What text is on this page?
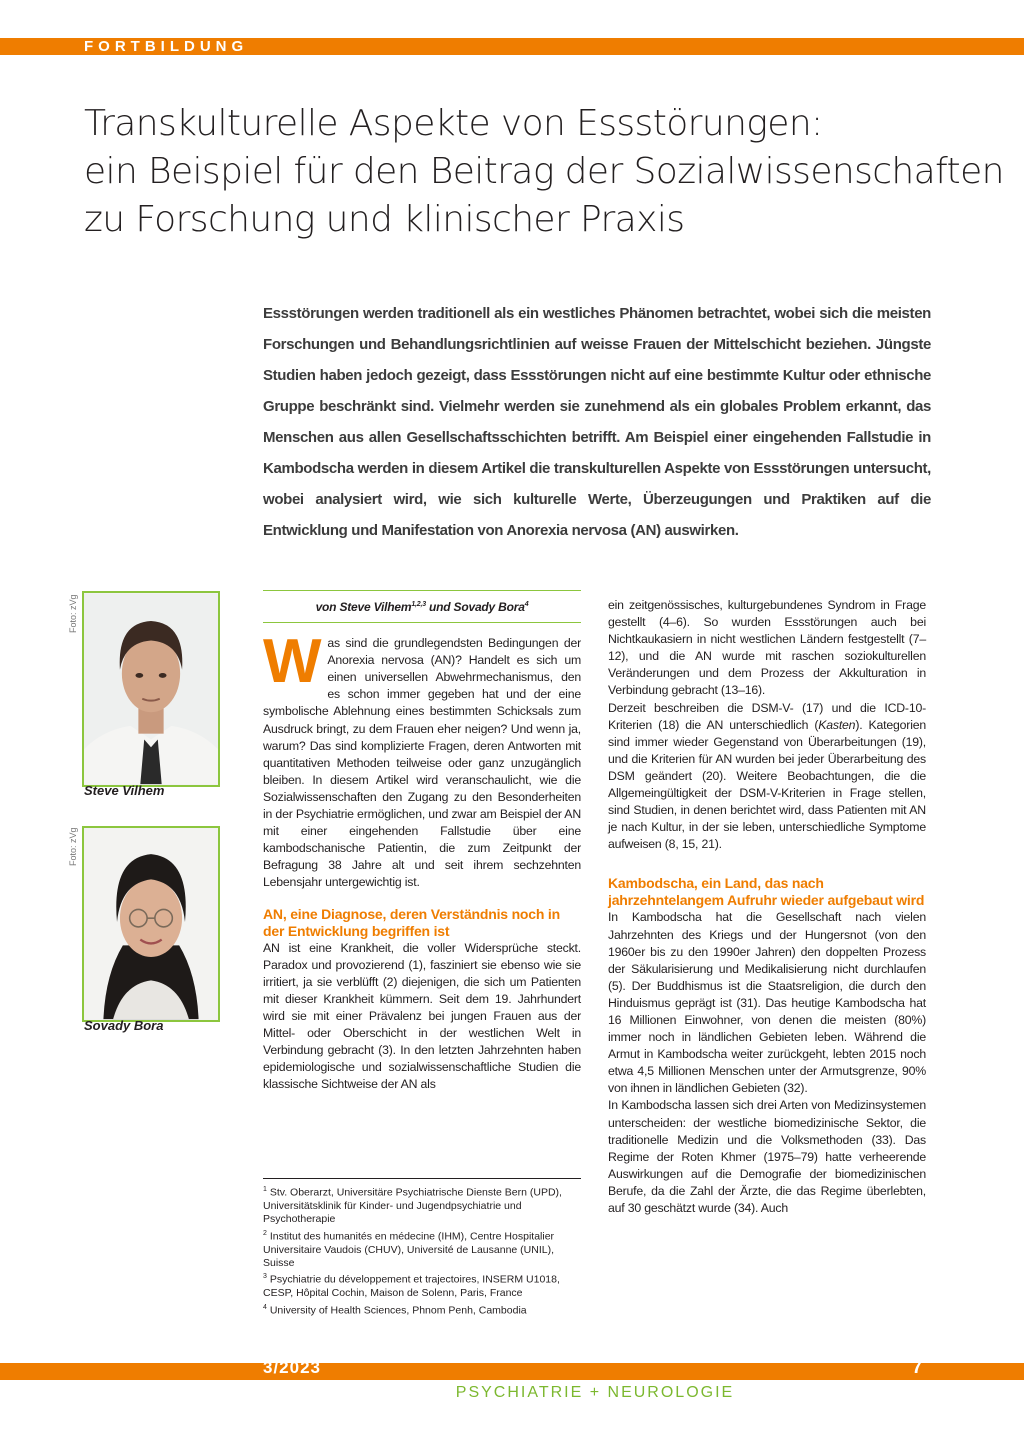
FORTBILDUNG
Transkulturelle Aspekte von Essstörungen:
ein Beispiel für den Beitrag der Sozialwissenschaften
zu Forschung und klinischer Praxis

Essstörungen werden traditionell als ein westliches Phänomen betrachtet, wobei sich die meisten Forschungen und Behandlungsrichtlinien auf weisse Frauen der Mittelschicht beziehen. Jüngste Studien haben jedoch gezeigt, dass Essstörungen nicht auf eine bestimmte Kultur oder ethnische Gruppe beschränkt sind. Vielmehr werden sie zunehmend als ein globales Problem erkannt, das Menschen aus allen Gesellschaftsschichten betrifft. Am Beispiel einer eingehenden Fallstudie in Kambodscha werden in diesem Artikel die transkulturellen Aspekte von Essstörungen untersucht, wobei analysiert wird, wie sich kulturelle Werte, Überzeugungen und Praktiken auf die Entwicklung und Manifestation von Anorexia nervosa (AN) auswirken.

Foto: zVg
Steve Vilhem
Foto: zVg
Sovady Bora
von Steve Vilhem$^{1,2,3}$ und Sovady Bora$^4$

Was sind die grundlegendsten Bedingungen der Anorexia nervosa (AN)? Handelt es sich um einen universellen Abwehrmechanismus, den es schon immer gegeben hat und der eine symbolische Ablehnung eines bestimmten Schicksals zum Ausdruck bringt, zu dem Frauen eher neigen? Und wenn ja, warum? Das sind komplizierte Fragen, deren Antworten mit quantitativen Methoden teilweise oder ganz unzugänglich bleiben. In diesem Artikel wird veranschaulicht, wie die Sozialwissenschaften den Zugang zu den Besonderheiten in der Psychiatrie ermöglichen, und zwar am Beispiel der AN mit einer eingehenden Fallstudie über eine kambodschanische Patientin, die zum Zeitpunkt der Befragung 38 Jahre alt und seit ihrem sechzehnten Lebensjahr untergewichtig ist.

AN, eine Diagnose, deren Verständnis noch in der Entwicklung begriffen ist

AN ist eine Krankheit, die voller Widersprüche steckt. Paradox und provozierend (1), fasziniert sie ebenso wie sie irritiert, ja sie verblüfft (2) diejenigen, die sich um Patienten mit dieser Krankheit kümmern. Seit dem 19. Jahrhundert wird sie mit einer Prävalenz bei jungen Frauen aus der Mittel- oder Oberschicht in der westlichen Welt in Verbindung gebracht (3). In den letzten Jahrzehnten haben epidemiologische und sozialwissenschaftliche Studien die klassische Sichtweise der AN als

$^1$ Stv. Oberarzt, Universitäre Psychiatrische Dienste Bern (UPD), Universitätsklinik für Kinder- und Jugendpsychiatrie und Psychotherapie
$^2$ Institut des humanités en médecine (IHM), Centre Hospitalier Universitaire Vaudois (CHUV), Université de Lausanne (UNIL), Suisse
$^3$ Psychiatrie du développement et trajectoires, INSERM U1018, CESP, Hôpital Cochin, Maison de Solenn, Paris, France
$^4$ University of Health Sciences, Phnom Penh, Cambodia

ein zeitgenössisches, kulturgebundenes Syndrom in Frage gestellt (4–6). So wurden Essstörungen auch bei Nichtkaukasiern in nicht westlichen Ländern festgestellt (7–12), und die AN wurde mit raschen soziokulturellen Veränderungen und dem Prozess der Akkulturation in Verbindung gebracht (13–16).

Derzeit beschreiben die DSM-V- (17) und die ICD-10-Kriterien (18) die AN unterschiedlich (Kasten). Kategorien sind immer wieder Gegenstand von Überarbeitungen (19), und die Kriterien für AN wurden bei jeder Überarbeitung des DSM geändert (20). Weitere Beobachtungen, die die Allgemeingültigkeit der DSM-V-Kriterien in Frage stellen, sind Studien, in denen berichtet wird, dass Patienten mit AN je nach Kultur, in der sie leben, unterschiedliche Symptome aufweisen (8, 15, 21).

Kambodscha, ein Land, das nach jahrzehntelangem Aufruhr wieder aufgebaut wird

In Kambodscha hat die Gesellschaft nach vielen Jahrzehnten des Kriegs und der Hungersnot (von den 1960er bis zu den 1990er Jahren) den doppelten Prozess der Säkularisierung und Medikalisierung nicht durchlaufen (5). Der Buddhismus ist die Staatsreligion, die durch den Hinduismus geprägt ist (31). Das heutige Kambodscha hat 16 Millionen Einwohner, von denen die meisten (80%) immer noch in ländlichen Gebieten leben. Während die Armut in Kambodscha weiter zurückgeht, lebten 2015 noch etwa 4,5 Millionen Menschen unter der Armutsgrenze, 90% von ihnen in ländlichen Gebieten (32).

In Kambodscha lassen sich drei Arten von Medizinsystemen unterscheiden: der westliche biomedizinische Sektor, die traditionelle Medizin und die Volksmethoden (33). Das Regime der Roten Khmer (1975–79) hatte verheerende Auswirkungen auf die Demografie der biomedizinischen Berufe, da die Zahl der Ärzte, die das Regime überlebten, auf 30 geschätzt wurde (34). Auch

3/2023	7
PSYCHIATRIE + NEUROLOGIE
